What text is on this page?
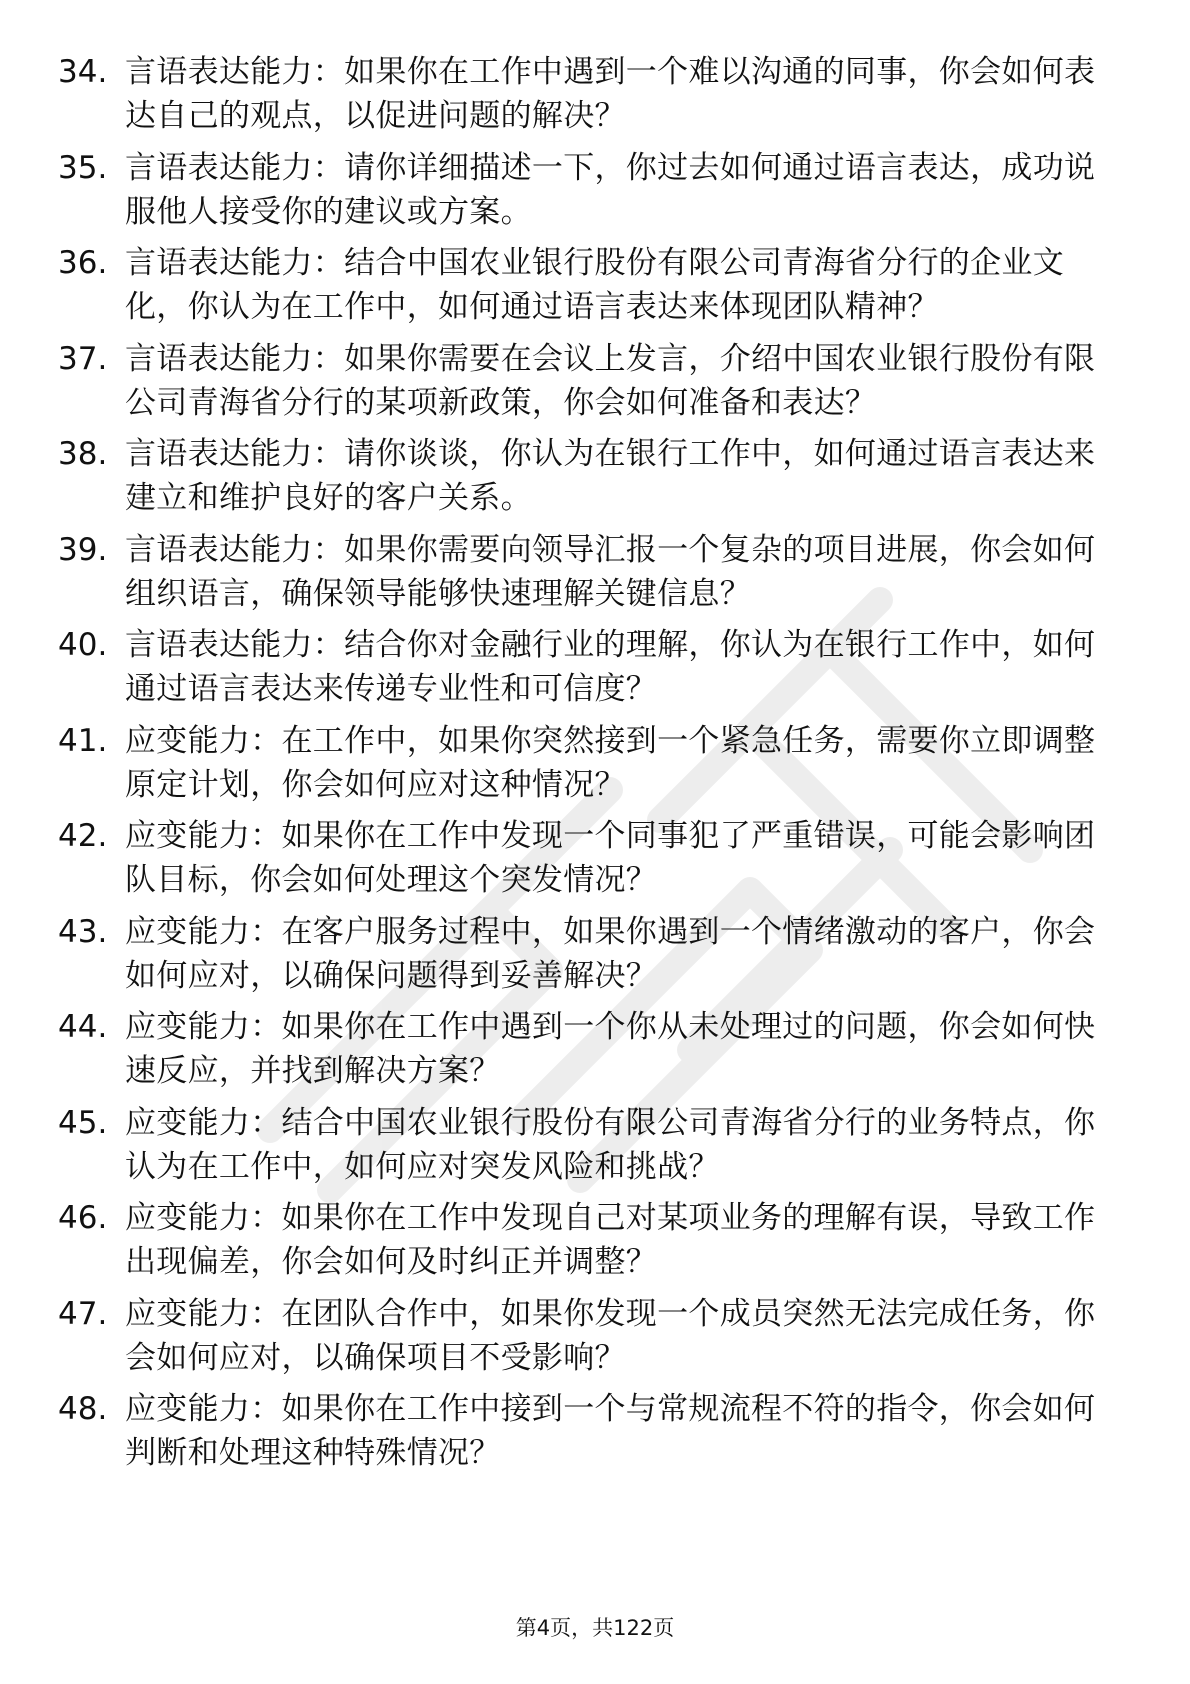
34. 言语表达能力：如果你在工作中遇到一个难以沟通的同事，你会如何表达自己的观点，以促进问题的解决？
35. 言语表达能力：请你详细描述一下，你过去如何通过语言表达，成功说服他人接受你的建议或方案。
36. 言语表达能力：结合中国农业银行股份有限公司青海省分行的企业文化，你认为在工作中，如何通过语言表达来体现团队精神？
37. 言语表达能力：如果你需要在会议上发言，介绍中国农业银行股份有限公司青海省分行的某项新政策，你会如何准备和表达？
38. 言语表达能力：请你谈谈，你认为在银行工作中，如何通过语言表达来建立和维护良好的客户关系。
39. 言语表达能力：如果你需要向领导汇报一个复杂的项目进展，你会如何组织语言，确保领导能够快速理解关键信息？
40. 言语表达能力：结合你对金融行业的理解，你认为在银行工作中，如何通过语言表达来传递专业性和可信度？
41. 应变能力：在工作中，如果你突然接到一个紧急任务，需要你立即调整原定计划，你会如何应对这种情况？
42. 应变能力：如果你在工作中发现一个同事犯了严重错误，可能会影响团队目标，你会如何处理这个突发情况？
43. 应变能力：在客户服务过程中，如果你遇到一个情绪激动的客户，你会如何应对，以确保问题得到妥善解决？
44. 应变能力：如果你在工作中遇到一个你从未处理过的问题，你会如何快速反应，并找到解决方案？
45. 应变能力：结合中国农业银行股份有限公司青海省分行的业务特点，你认为在工作中，如何应对突发风险和挑战？
46. 应变能力：如果你在工作中发现自己对某项业务的理解有误，导致工作出现偏差，你会如何及时纠正并调整？
47. 应变能力：在团队合作中，如果你发现一个成员突然无法完成任务，你会如何应对，以确保项目不受影响？
48. 应变能力：如果你在工作中接到一个与常规流程不符的指令，你会如何判断和处理这种特殊情况？
第4页，共122页
